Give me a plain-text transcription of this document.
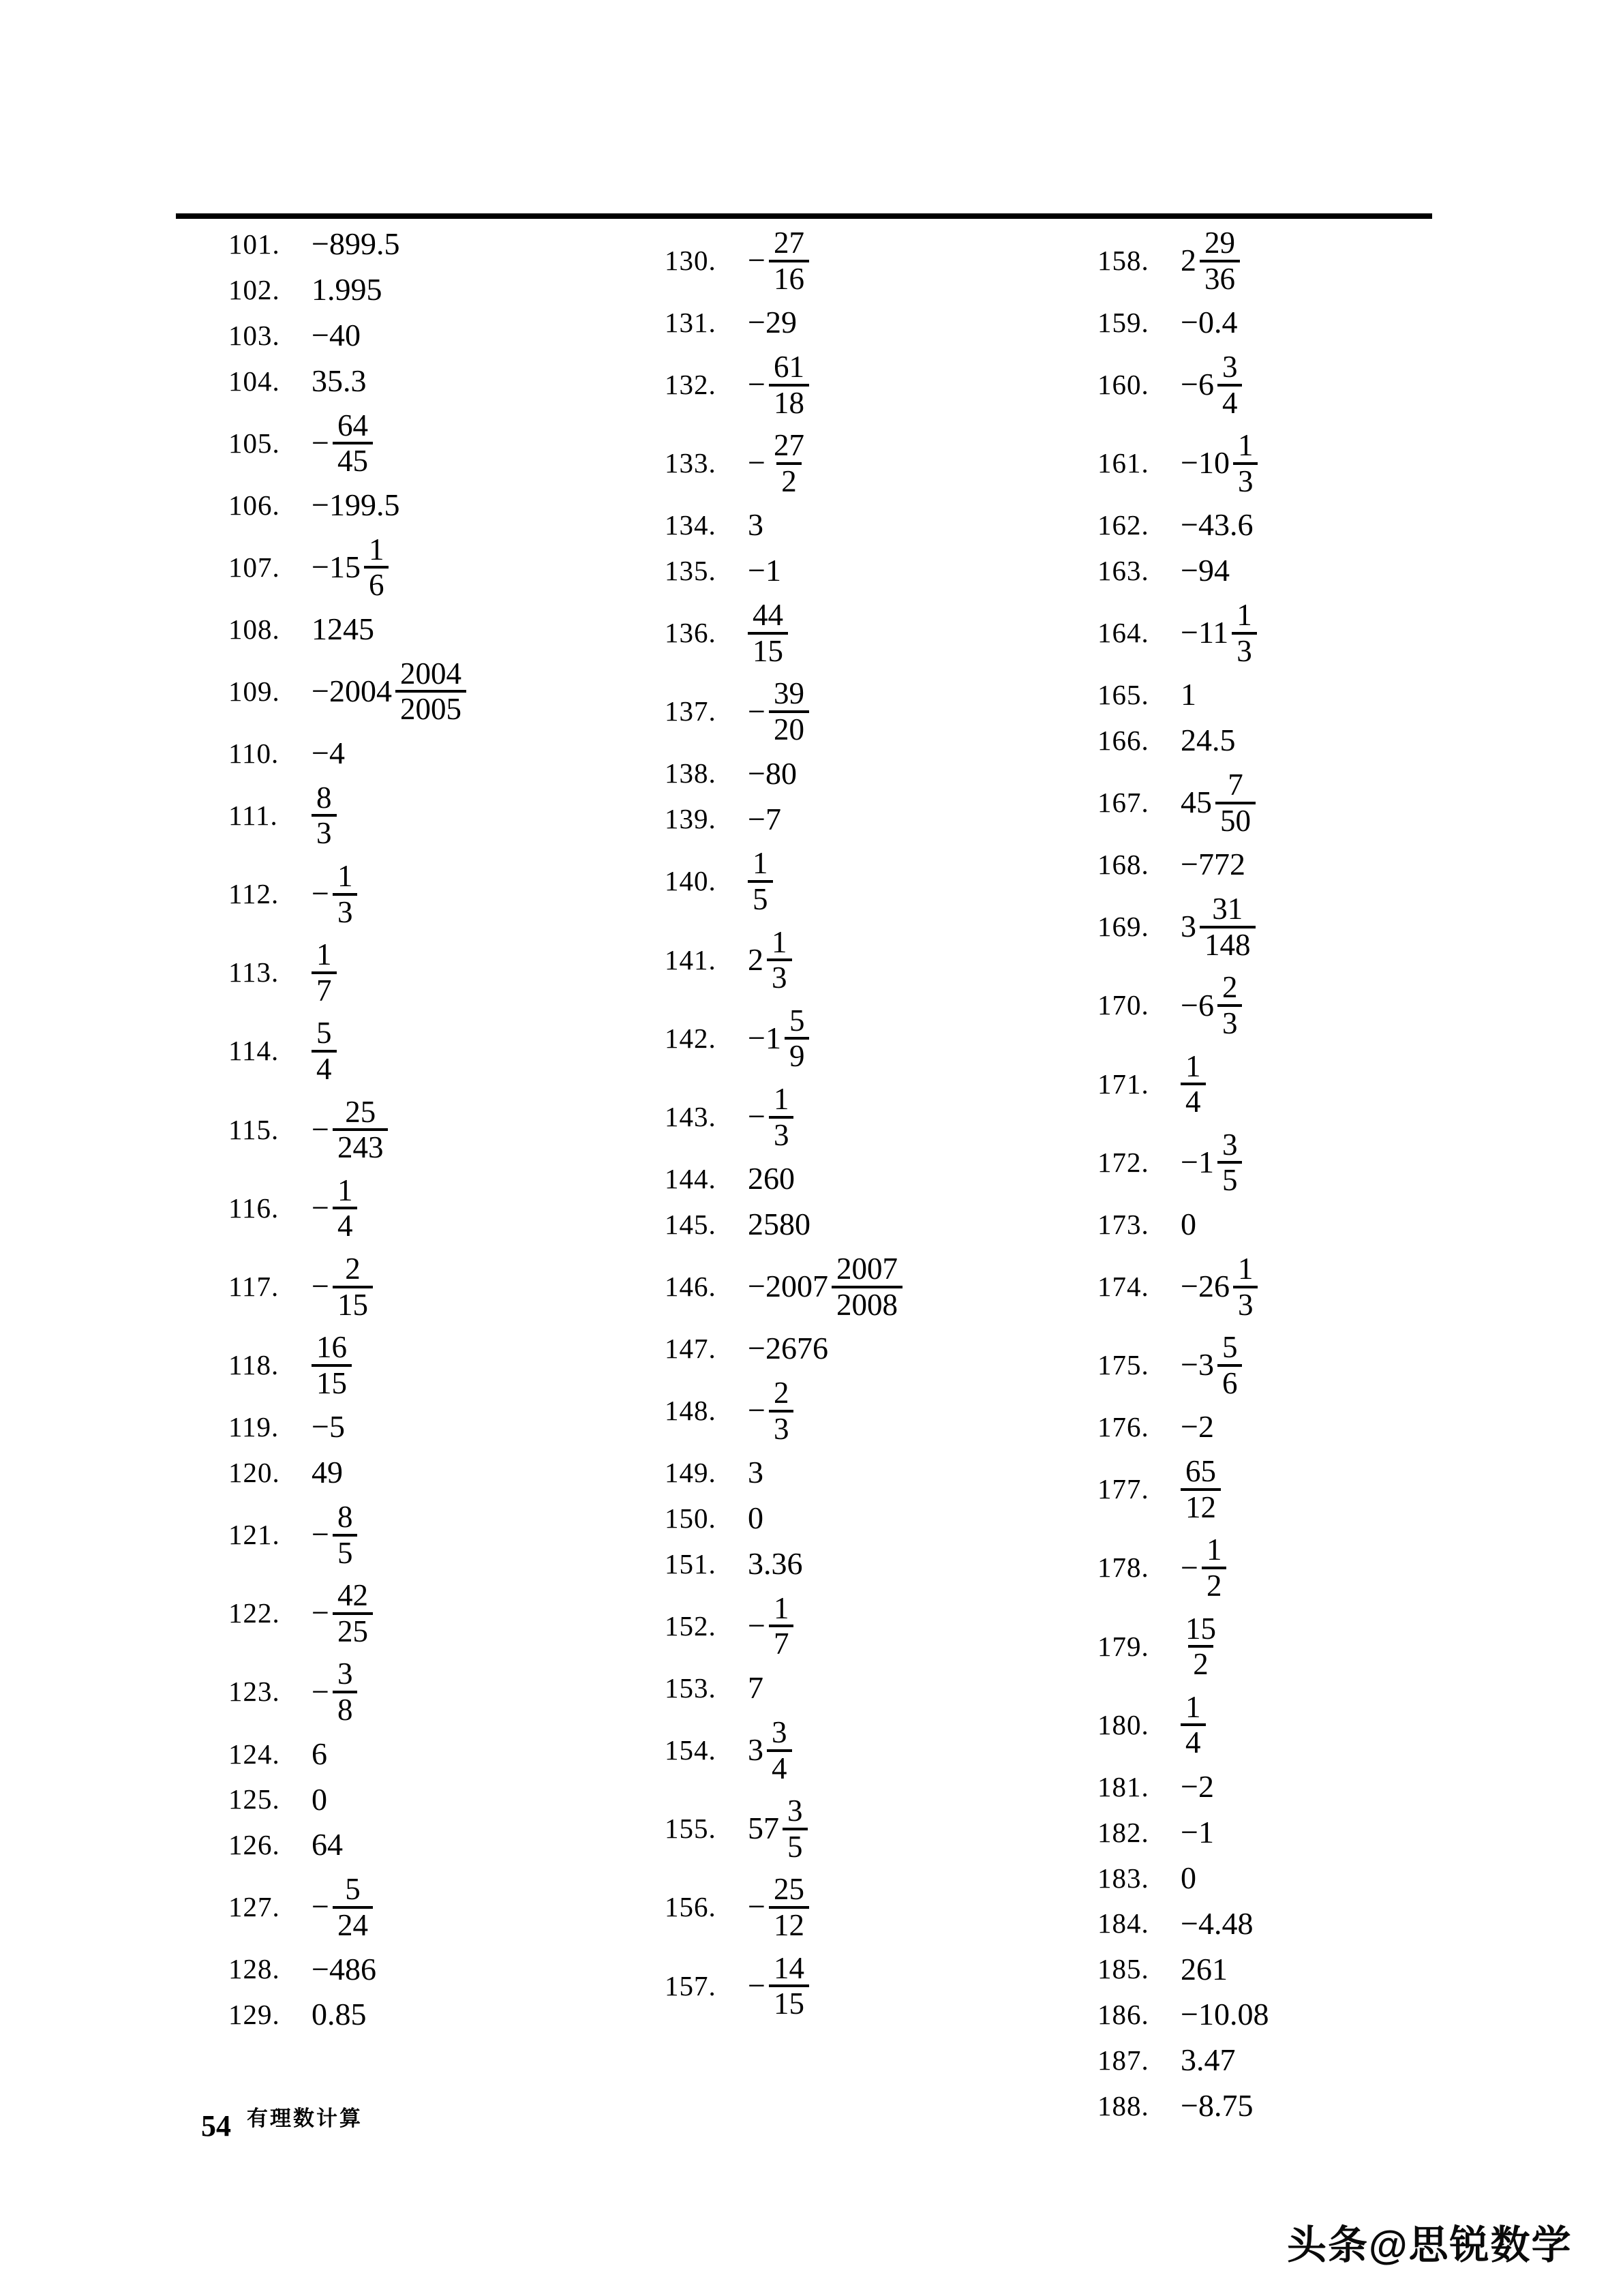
101.	−899.5
102.	1.995
103.	−40
104.	35.3
105.	− $\frac{64}{45}$
106.	−199.5
107.	$-15 \frac{1}{6}$
108.	1245
109.	$-2004 \frac{2004}{2005}$
110.	−4
111.	$\frac{8}{3}$
112.	− $\frac{1}{3}$
113.	$\frac{1}{7}$
114.	$\frac{5}{4}$
115.	− $\frac{25}{243}$
116.	− $\frac{1}{4}$
117.	− $\frac{2}{15}$
118.	$\frac{16}{15}$
119.	−5
120.	49
121.	− $\frac{8}{5}$
122.	− $\frac{42}{25}$
123.	− $\frac{3}{8}$
124.	6
125.	0
126.	64
127.	− $\frac{5}{24}$
128.	−486
129.	0.85
130.	− $\frac{27}{16}$
131.	−29
132.	− $\frac{61}{18}$
133.	− $\frac{27}{2}$
134.	3
135.	−1
136.	$\frac{44}{15}$
137.	− $\frac{39}{20}$
138.	−80
139.	−7
140.	$\frac{1}{5}$
141.	$2 \frac{1}{3}$
142.	$-1 \frac{5}{9}$
143.	− $\frac{1}{3}$
144.	260
145.	2580
146.	$-2007 \frac{2007}{2008}$
147.	−2676
148.	− $\frac{2}{3}$
149.	3
150.	0
151.	3.36
152.	− $\frac{1}{7}$
153.	7
154.	$3 \frac{3}{4}$
155.	$57 \frac{3}{5}$
156.	− $\frac{25}{12}$
157.	− $\frac{14}{15}$
158.	$2 \frac{29}{36}$
159.	−0.4
160.	$-6 \frac{3}{4}$
161.	$-10 \frac{1}{3}$
162.	−43.6
163.	−94
164.	$-11 \frac{1}{3}$
165.	1
166.	24.5
167.	$45 \frac{7}{50}$
168.	−772
169.	$3 \frac{31}{148}$
170.	$-6 \frac{2}{3}$
171.	$\frac{1}{4}$
172.	$-1 \frac{3}{5}$
173.	0
174.	$-26 \frac{1}{3}$
175.	$-3 \frac{5}{6}$
176.	−2
177.	$\frac{65}{12}$
178.	− $\frac{1}{2}$
179.	$\frac{15}{2}$
180.	$\frac{1}{4}$
181.	−2
182.	−1
183.	0
184.	−4.48
185.	261
186.	−10.08
187.	3.47
188.	−8.75
54 有理数计算
头条@思锐数学
